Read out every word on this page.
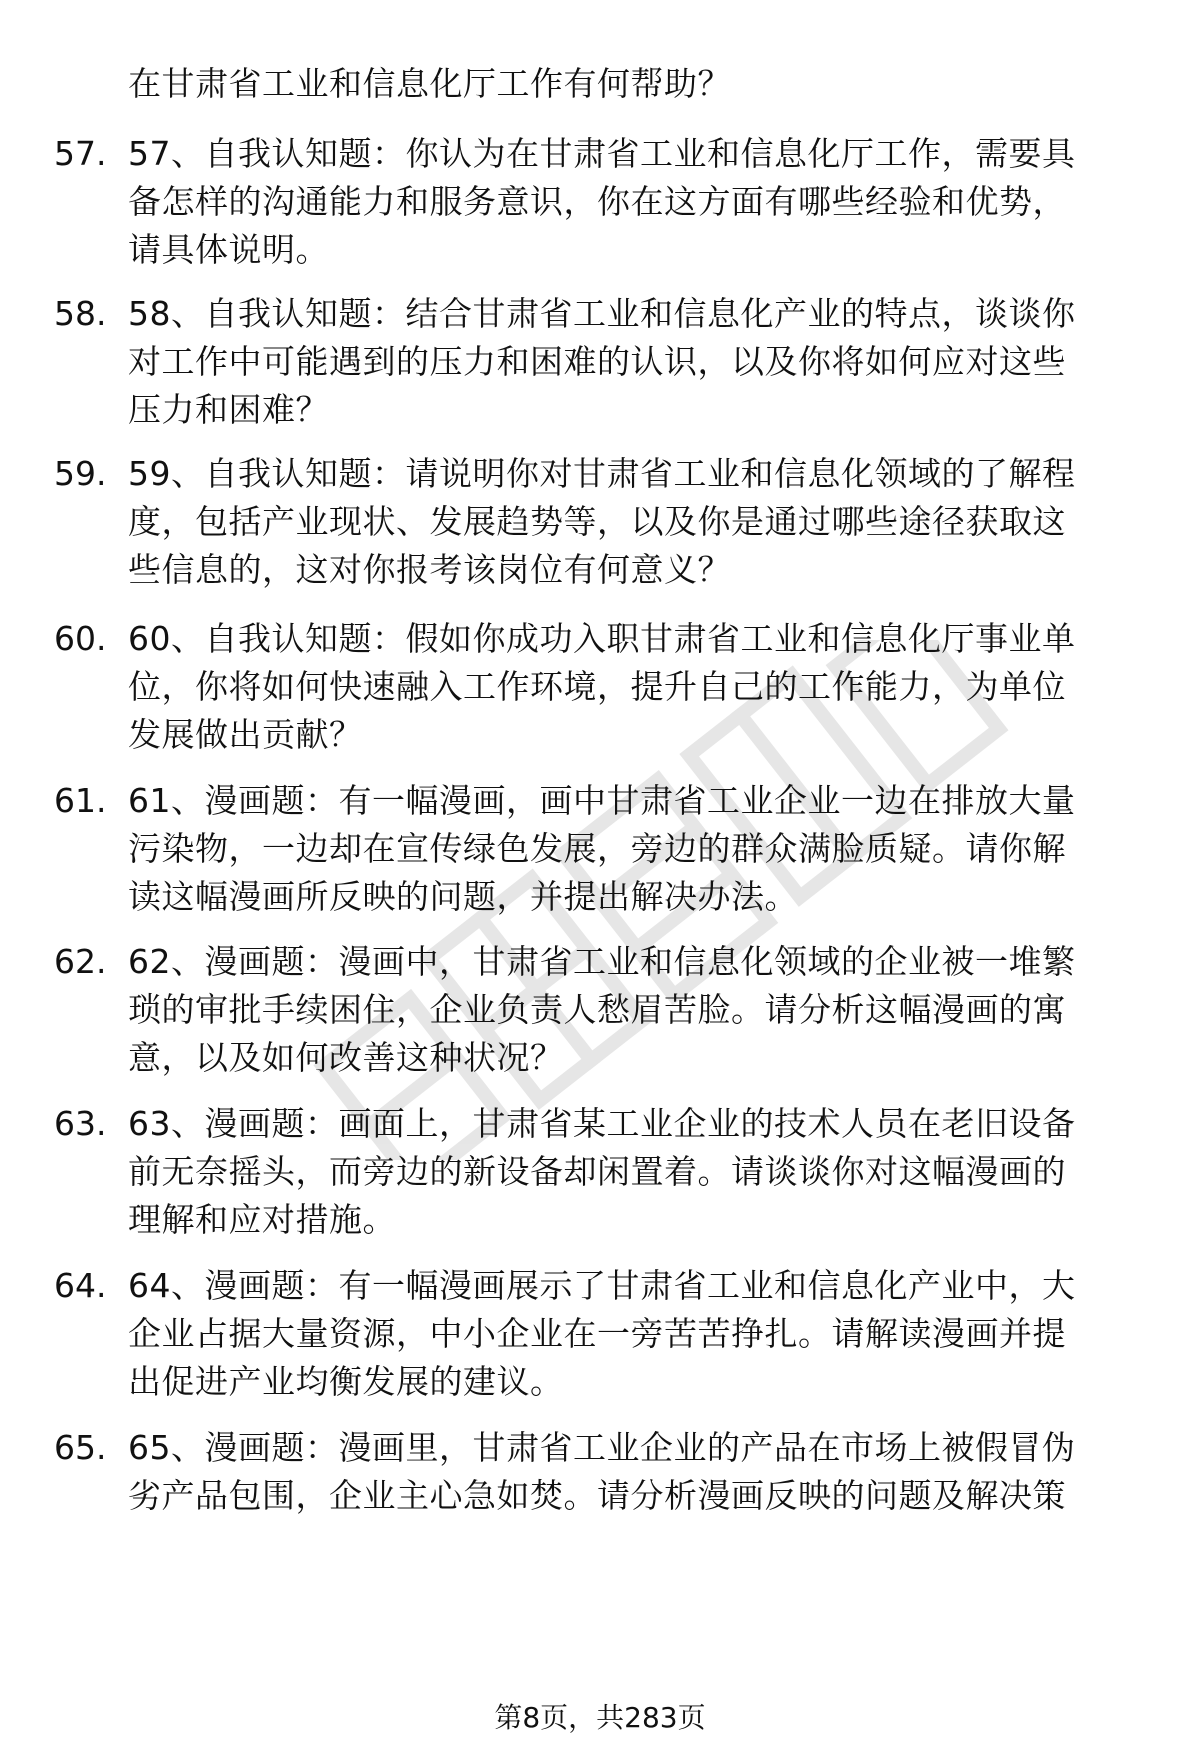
在甘肃省工业和信息化厅工作有何帮助？
57. 57、自我认知题：你认为在甘肃省工业和信息化厅工作，需要具
备怎样的沟通能力和服务意识，你在这方面有哪些经验和优势，
请具体说明。
58. 58、自我认知题：结合甘肃省工业和信息化产业的特点，谈谈你
对工作中可能遇到的压力和困难的认识，以及你将如何应对这些
压力和困难？
59. 59、自我认知题：请说明你对甘肃省工业和信息化领域的了解程
度，包括产业现状、发展趋势等，以及你是通过哪些途径获取这
些信息的，这对你报考该岗位有何意义？
60. 60、自我认知题：假如你成功入职甘肃省工业和信息化厅事业单
位，你将如何快速融入工作环境，提升自己的工作能力，为单位
发展做出贡献？
61. 61、漫画题：有一幅漫画，画中甘肃省工业企业一边在排放大量
污染物，一边却在宣传绿色发展，旁边的群众满脸质疑。请你解
读这幅漫画所反映的问题，并提出解决办法。
62. 62、漫画题：漫画中，甘肃省工业和信息化领域的企业被一堆繁
琐的审批手续困住，企业负责人愁眉苦脸。请分析这幅漫画的寓
意，以及如何改善这种状况？
63. 63、漫画题：画面上，甘肃省某工业企业的技术人员在老旧设备
前无奈摇头，而旁边的新设备却闲置着。请谈谈你对这幅漫画的
理解和应对措施。
64. 64、漫画题：有一幅漫画展示了甘肃省工业和信息化产业中，大
企业占据大量资源，中小企业在一旁苦苦挣扎。请解读漫画并提
出促进产业均衡发展的建议。
65. 65、漫画题：漫画里，甘肃省工业企业的产品在市场上被假冒伪
劣产品包围，企业主心急如焚。请分析漫画反映的问题及解决策
第8页，共283页
